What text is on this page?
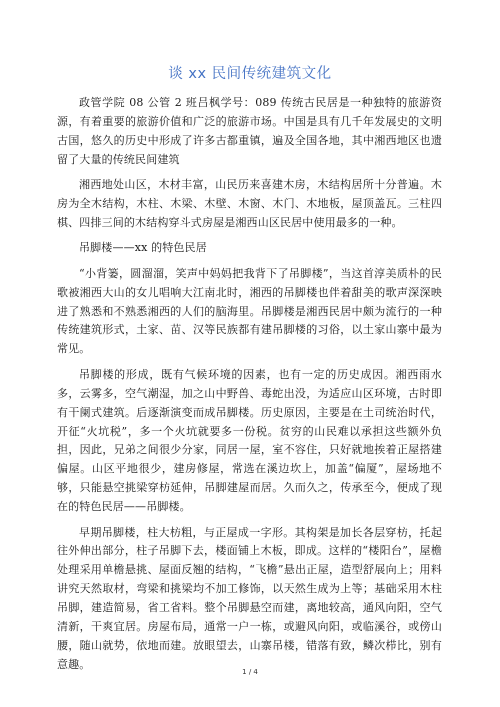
谈 xx 民间传统建筑文化

政管学院 08 公管 2 班吕枫学号：089 传统古民居是一种独特的旅游资源，有着重要的旅游价值和广泛的旅游市场。中国是具有几千年发展史的文明古国，悠久的历史中形成了许多古都重镇，遍及全国各地，其中湘西地区也遗留了大量的传统民间建筑

湘西地处山区，木材丰富，山民历来喜建木房，木结构居所十分普遍。木房为全木结构，木柱、木梁、木壁、木窗、木门、木地板，屋顶盖瓦。三柱四棋、四排三间的木结构穿斗式房屋是湘西山区民居中使用最多的一种。

吊脚楼——xx 的特色民居

“小背篓，圆溜溜，笑声中妈妈把我背下了吊脚楼”，当这首淳美质朴的民歌被湘西大山的女儿唱响大江南北时，湘西的吊脚楼也伴着甜美的歌声深深映进了熟悉和不熟悉湘西的人们的脑海里。吊脚楼是湘西民居中颇为流行的一种传统建筑形式，土家、苗、汉等民族都有建吊脚楼的习俗，以土家山寨中最为常见。

吊脚楼的形成，既有气候环境的因素，也有一定的历史成因。湘西雨水多，云雾多，空气潮湿，加之山中野兽、毒蛇出没，为适应山区环境，古时即有干阑式建筑。后逐渐演变而成吊脚楼。历史原因，主要是在土司统治时代，开征“火坑税”，多一个火坑就要多一份税。贫穷的山民难以承担这些额外负担，因此，兄弟之间很少分家，同居一屋，室不容住，只好就地挨着正屋搭建偏屋。山区平地很少，建房修屋，常选在溪边坎上，加盖“偏厦”，屋场地不够，只能悬空挑梁穿枋延伸，吊脚建屋而居。久而久之，传承至今，便成了现在的特色民居——吊脚楼。

早期吊脚楼，柱大枋粗，与正屋成一字形。其构架是加长各层穿枋，托起往外伸出部分，柱子吊脚下去，楼面铺上木板，即成。这样的“楼阳台”，屋檐处理采用单檐悬挑、屋面反翘的结构，“飞檐”悬出正屋，造型舒展向上；用料讲究天然取材，弯梁和挑梁均不加工修饰，以天然生成为上等；基础采用木柱吊脚，建造简易，省工省料。整个吊脚悬空而建，离地较高，通风向阳，空气清新，干爽宜居。房屋布局，通常一户一栋，或避风向阳，或临溪谷，或傍山腰，随山就势，依地而建。放眼望去，山寨吊楼，错落有致，鳞次栉比，别有意趣。

1 / 4
